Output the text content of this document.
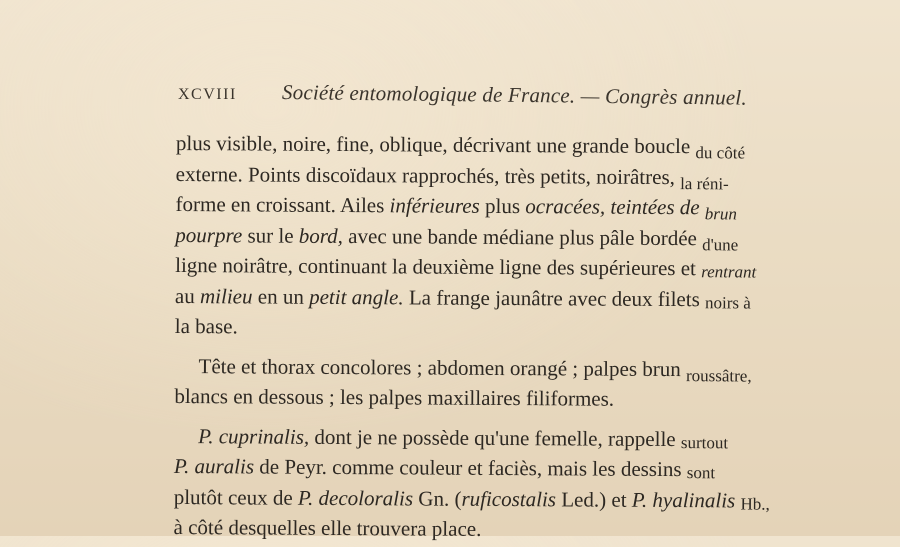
XCVIII Société entomologique de France. — Congrès annuel.
plus visible, noire, fine, oblique, décrivant une grande boucle du côté
externe. Points discoïdaux rapprochés, très petits, noirâtres, la réni-
forme en croissant. Ailes inférieures plus ocracées, teintées de brun
pourpre sur le bord, avec une bande médiane plus pâle bordée d'une
ligne noirâtre, continuant la deuxième ligne des supérieures et rentrant
au milieu en un petit angle. La frange jaunâtre avec deux filets noirs à
la base.
Tête et thorax concolores ; abdomen orangé ; palpes brun roussâtre,
blancs en dessous ; les palpes maxillaires filiformes.
P. cuprinalis, dont je ne possède qu'une femelle, rappelle surtout
P. auralis de Peyr. comme couleur et faciès, mais les dessins sont
plutôt ceux de P. decoloralis Gn. (ruficostalis Led.) et P. hyalinalis Hb.,
à côté desquelles elle trouvera place.
